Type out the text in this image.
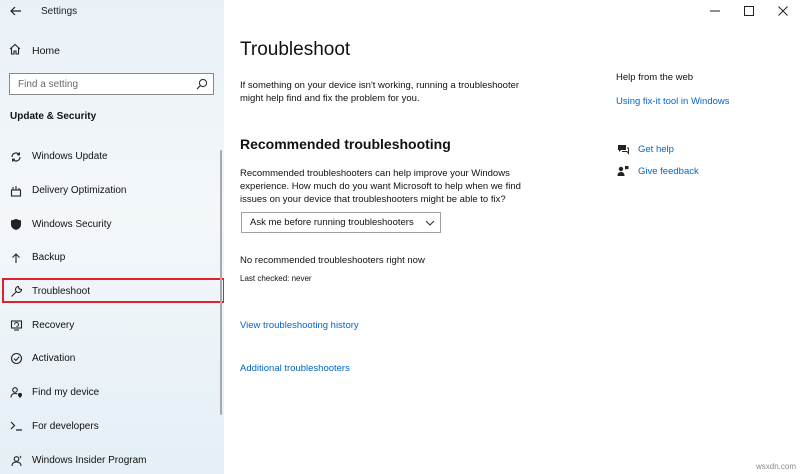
Settings
Home
Find a setting
Update & Security
Windows Update
Delivery Optimization
Windows Security
Backup
Troubleshoot
Recovery
Activation
Find my device
For developers
Windows Insider Program
Troubleshoot

If something on your device isn't working, running a troubleshooter might help find and fix the problem for you.

Recommended troubleshooting

Recommended troubleshooters can help improve your Windows experience. How much do you want Microsoft to help when we find issues on your device that troubleshooters might be able to fix?

Ask me before running troubleshooters
No recommended troubleshooters right now
Last checked: never
View troubleshooting history
Additional troubleshooters
Help from the web
Using fix-it tool in Windows
Get help
Give feedback
wsxdn.com
